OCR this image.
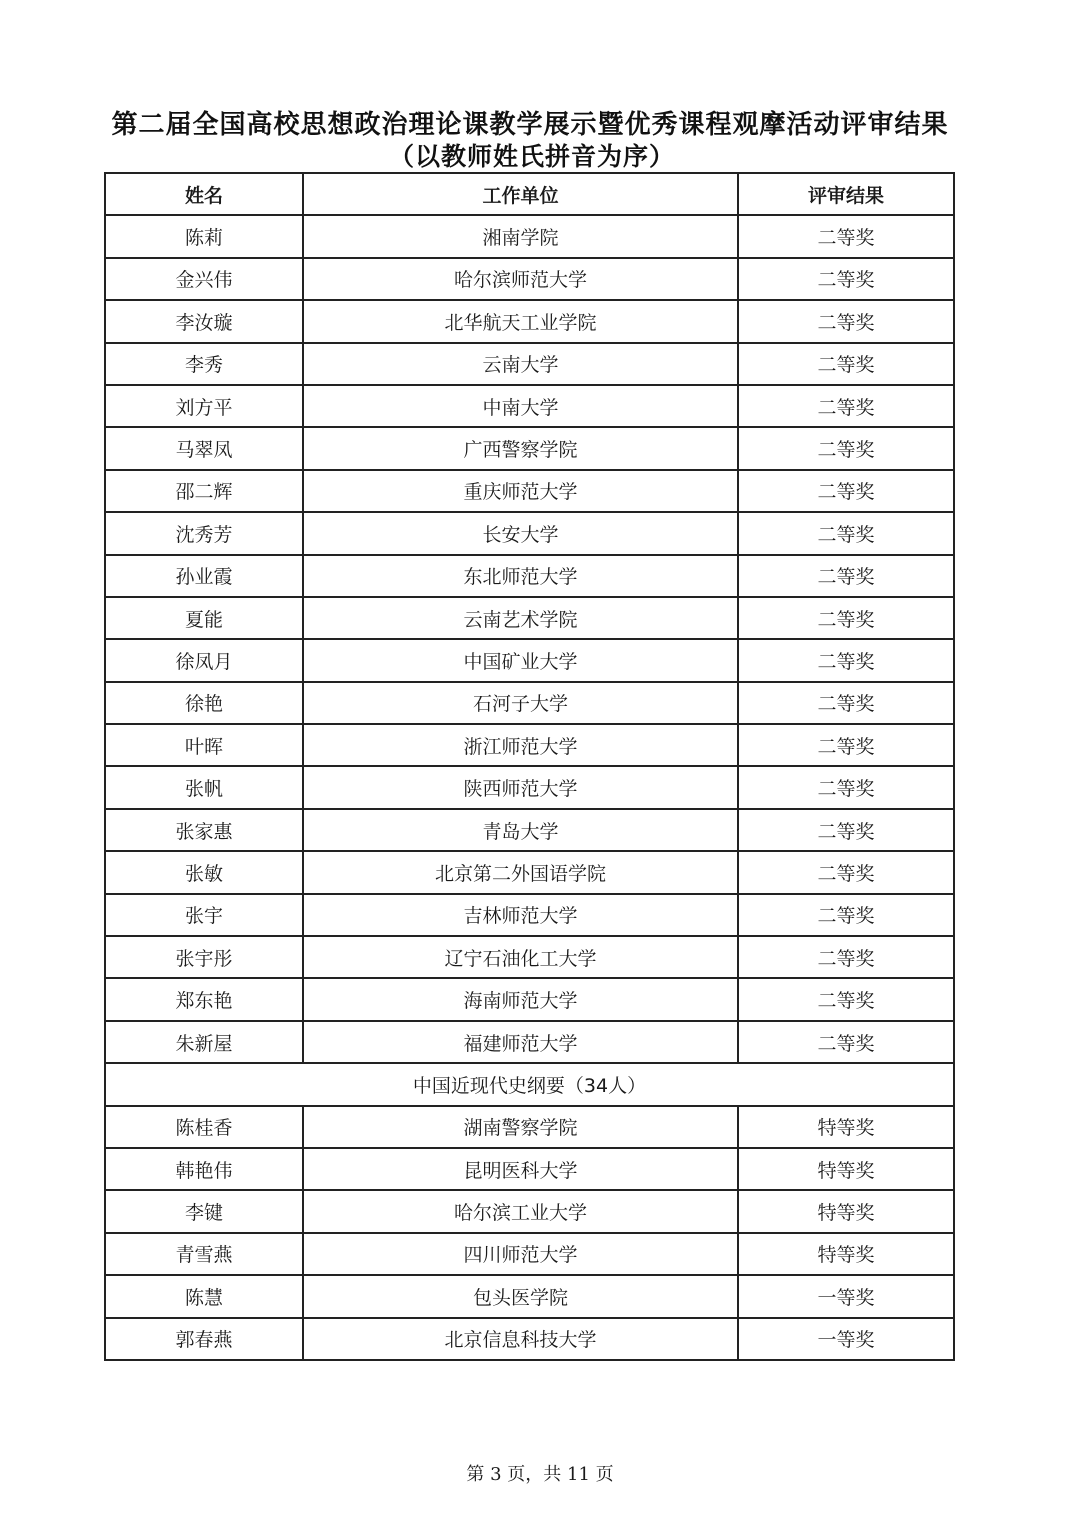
第二届全国高校思想政治理论课教学展示暨优秀课程观摩活动评审结果
（以教师姓氏拼音为序）
姓名	工作单位	评审结果
陈莉	湘南学院	二等奖
金兴伟	哈尔滨师范大学	二等奖
李汝璇	北华航天工业学院	二等奖
李秀	云南大学	二等奖
刘方平	中南大学	二等奖
马翠凤	广西警察学院	二等奖
邵二辉	重庆师范大学	二等奖
沈秀芳	长安大学	二等奖
孙业霞	东北师范大学	二等奖
夏能	云南艺术学院	二等奖
徐凤月	中国矿业大学	二等奖
徐艳	石河子大学	二等奖
叶晖	浙江师范大学	二等奖
张帆	陕西师范大学	二等奖
张家惠	青岛大学	二等奖
张敏	北京第二外国语学院	二等奖
张宇	吉林师范大学	二等奖
张宇彤	辽宁石油化工大学	二等奖
郑东艳	海南师范大学	二等奖
朱新屋	福建师范大学	二等奖
中国近现代史纲要（34人）		
陈桂香	湖南警察学院	特等奖
韩艳伟	昆明医科大学	特等奖
李键	哈尔滨工业大学	特等奖
青雪燕	四川师范大学	特等奖
陈慧	包头医学院	一等奖
郭春燕	北京信息科技大学	一等奖
第 3 页，共 11 页
